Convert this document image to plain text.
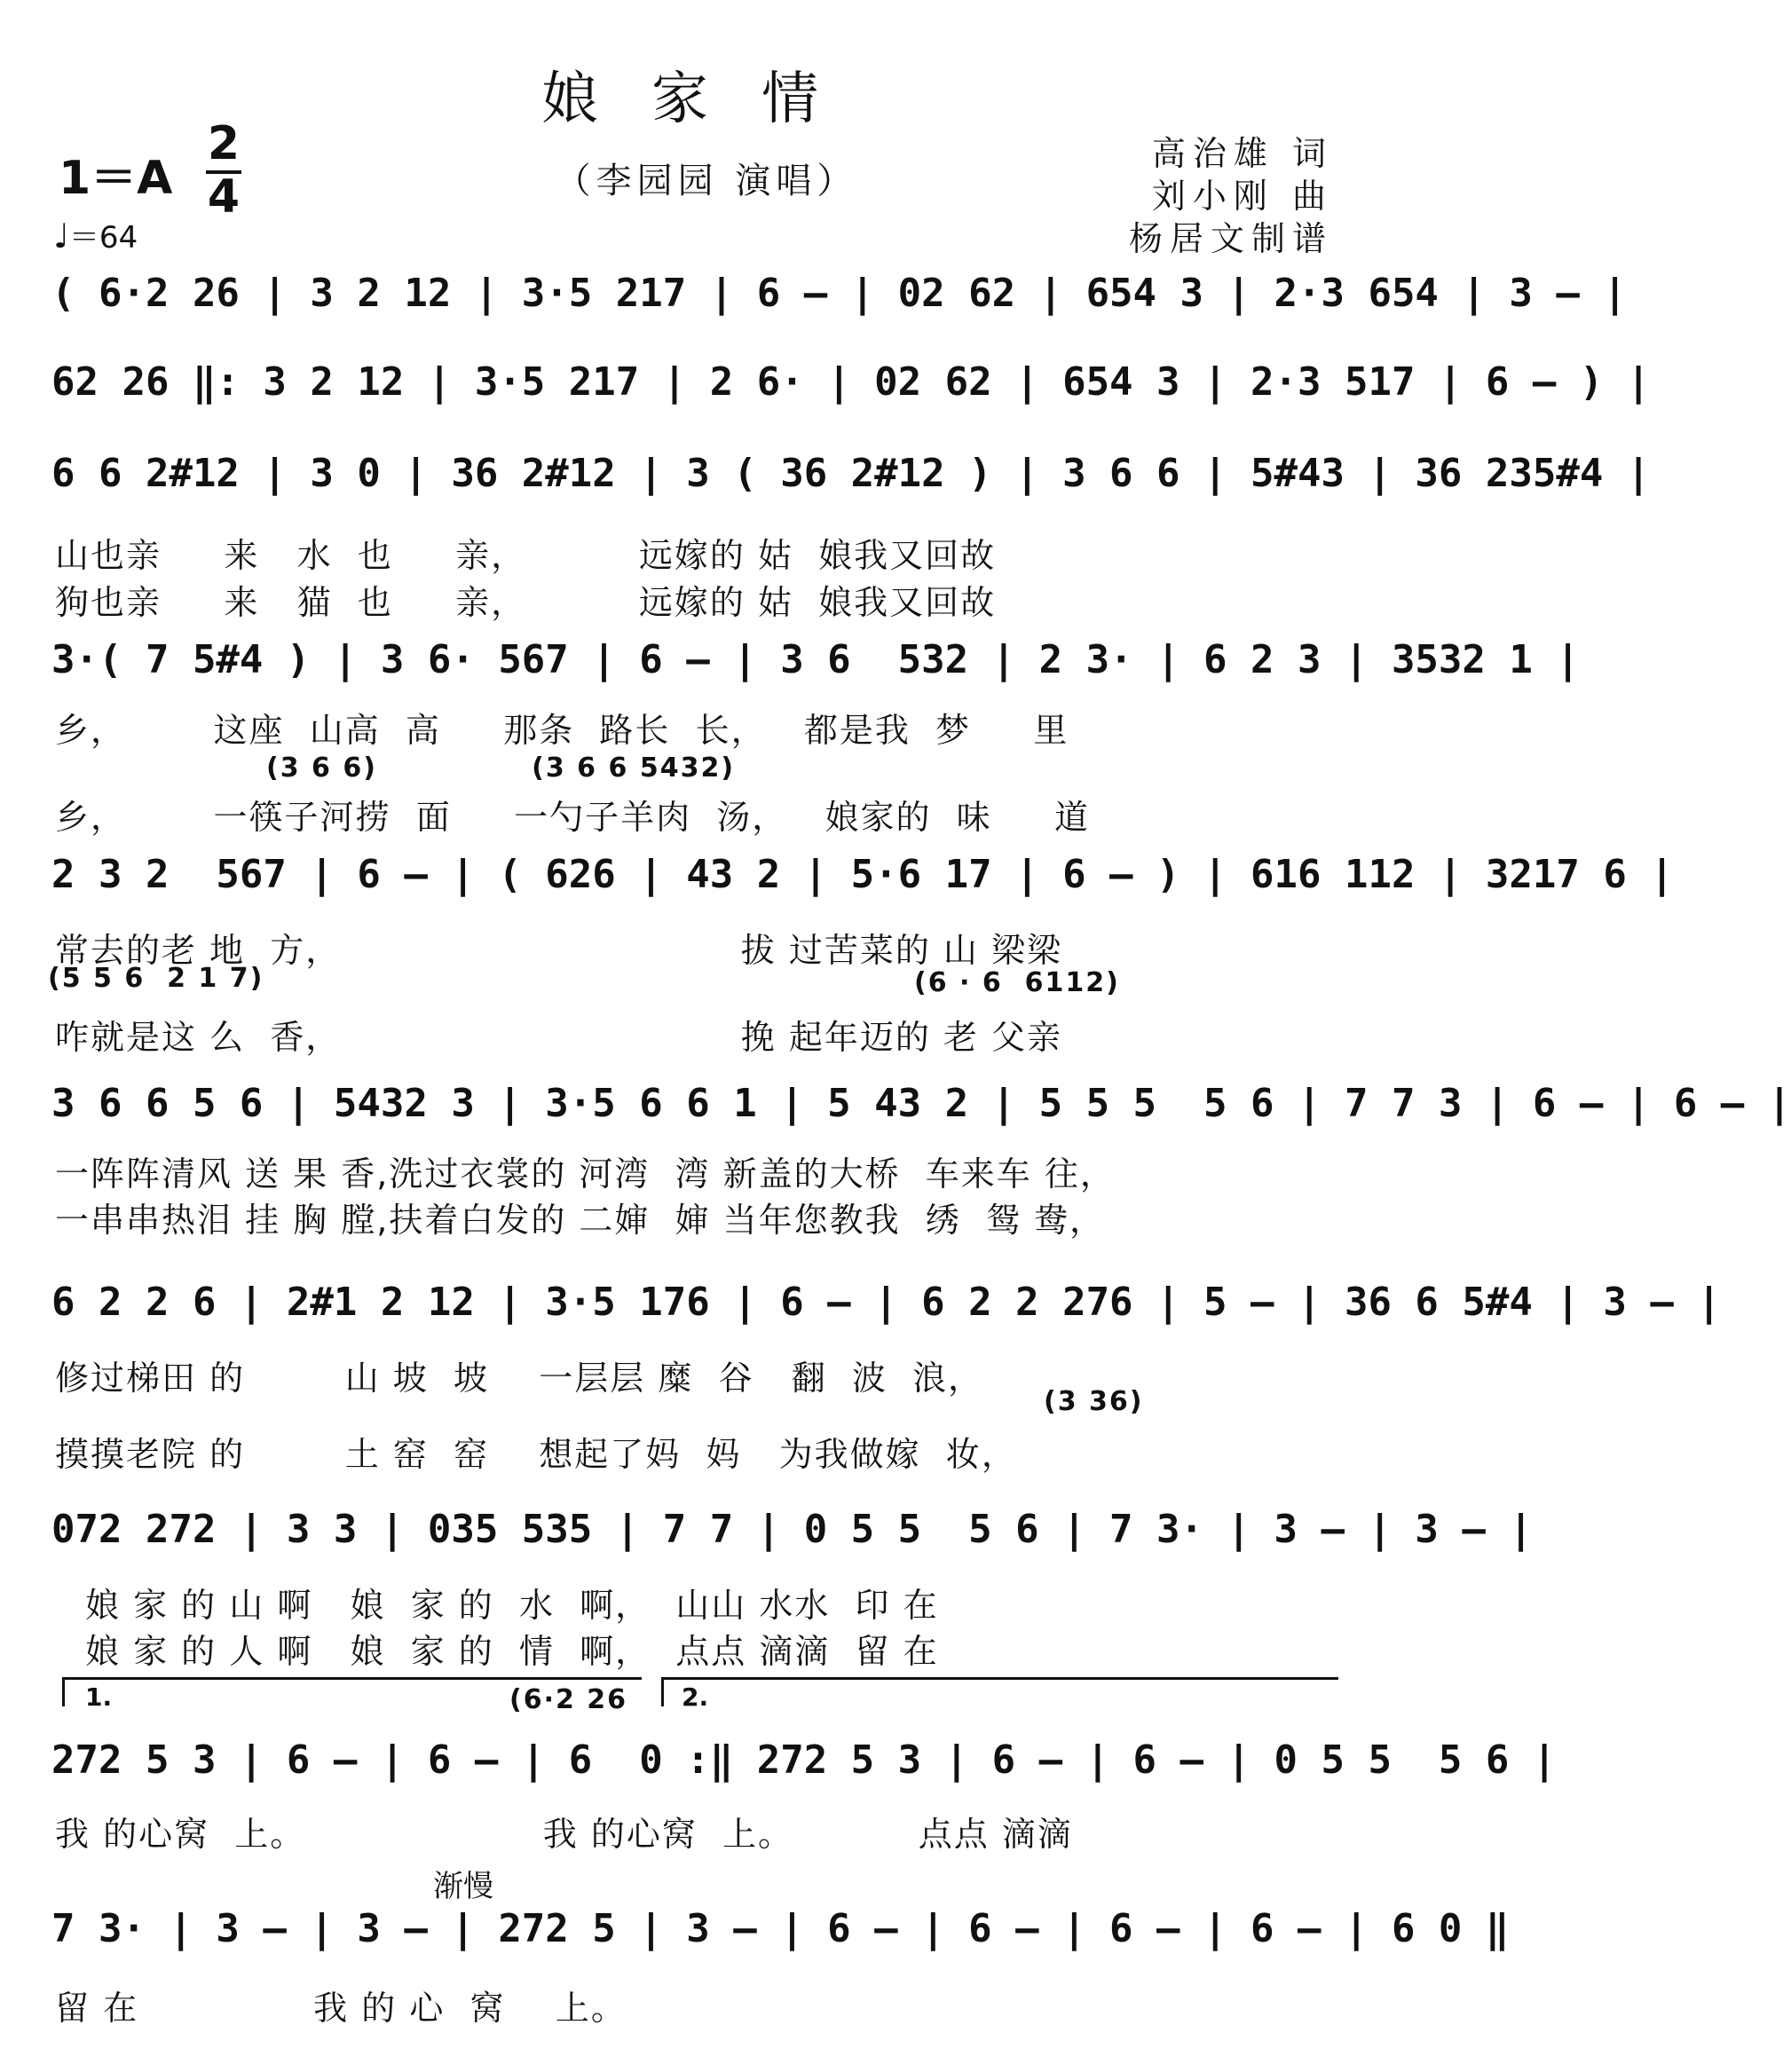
娘家情
（李园园 演唱）
高治雄 词
刘小刚 曲
杨居文制谱
1＝A
2
4
♩＝64
( 6·2 26 | 3 2 12 | 3·5 217 | 6 – | 02 62 | 654 3 | 2·3 654 | 3 – |
62 26 ‖: 3 2 12 | 3·5 217 | 2 6· | 02 62 | 654 3 | 2·3 517 | 6 – ) |
6 6 2#12 | 3 0 | 36 2#12 | 3 ( 36 2#12 ) | 3 6 6 | 5#43 | 36 235#4 |
山也亲     来   水  也     亲，         远嫁的 姑  娘我又回故
狗也亲     来   猫  也     亲，         远嫁的 姑  娘我又回故
3·( 7 5#4 ) | 3 6· 567 | 6 – | 3 6  532 | 2 3· | 6 2 3 | 3532 1 |
乡，       这座  山高  高     那条  路长  长，   都是我  梦     里
(3 6 6)              (3 6 6 5432)
乡，       一筷子河捞  面     一勺子羊肉  汤，   娘家的  味     道
2 3 2  567 | 6 – | ( 626 | 43 2 | 5·6 17 | 6 – ) | 616 112 | 3217 6 |
常去的老 地  方，                                拔 过苦菜的 山 梁梁
(5 5 6  2 1 7)	(6 · 6  6112)
咋就是这 么  香，                                挽 起年迈的 老 父亲
3 6 6 5 6 | 5432 3 | 3·5 6 6 1 | 5 43 2 | 5 5 5  5 6 | 7 7 3 | 6 – | 6 – |
一阵阵清风 送 果 香,洗过衣裳的 河湾  湾 新盖的大桥  车来车 往，
一串串热泪 挂 胸 膛,扶着白发的 二婶  婶 当年您教我  绣  鸳 鸯，
6 2 2 6 | 2#1 2 12 | 3·5 176 | 6 – | 6 2 2 276 | 5 – | 36 6 5#4 | 3 – |
修过梯田 的        山 坡  坡    一层层 糜  谷   翻  波  浪，
(3 36)
摸摸老院 的        土 窑  窑    想起了妈  妈   为我做嫁  妆，
072 272 | 3 3 | 035 535 | 7 7 | 0 5 5  5 6 | 7 3· | 3 – | 3 – |
娘 家 的 山 啊   娘  家 的  水  啊，  山山 水水  印 在
娘 家 的 人 啊   娘  家 的  情  啊，  点点 滴滴  留 在
1.	2.
(6·2 26
272 5 3 | 6 – | 6 – | 6  0 :‖ 272 5 3 | 6 – | 6 – | 0 5 5  5 6 |
我 的心窝  上。                   我 的心窝  上。          点点 滴滴
渐慢
7 3· | 3 – | 3 – | 272 5 | 3 – | 6 – | 6 – | 6 – | 6 – | 6 0 ‖
留 在              我 的 心  窝    上。
